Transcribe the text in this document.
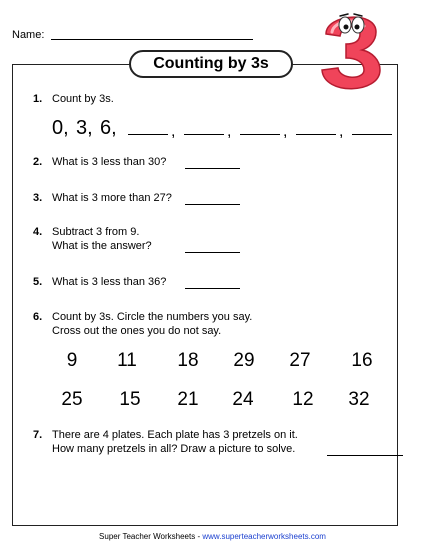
Name:
Counting by 3s
1. Count by 3s.
0, 3, 6,	,	,	,	,
2. What is 3 less than 30?
3. What is 3 more than 27?
4. Subtract 3 from 9.
What is the answer?
5. What is 3 less than 36?
6. Count by 3s. Circle the numbers you say.
Cross out the ones you do not say.
9	11	18	29	27	16
25	15	21	24	12	32
7. There are 4 plates. Each plate has 3 pretzels on it.
How many pretzels in all? Draw a picture to solve.
Super Teacher Worksheets - www.superteacherworksheets.com
